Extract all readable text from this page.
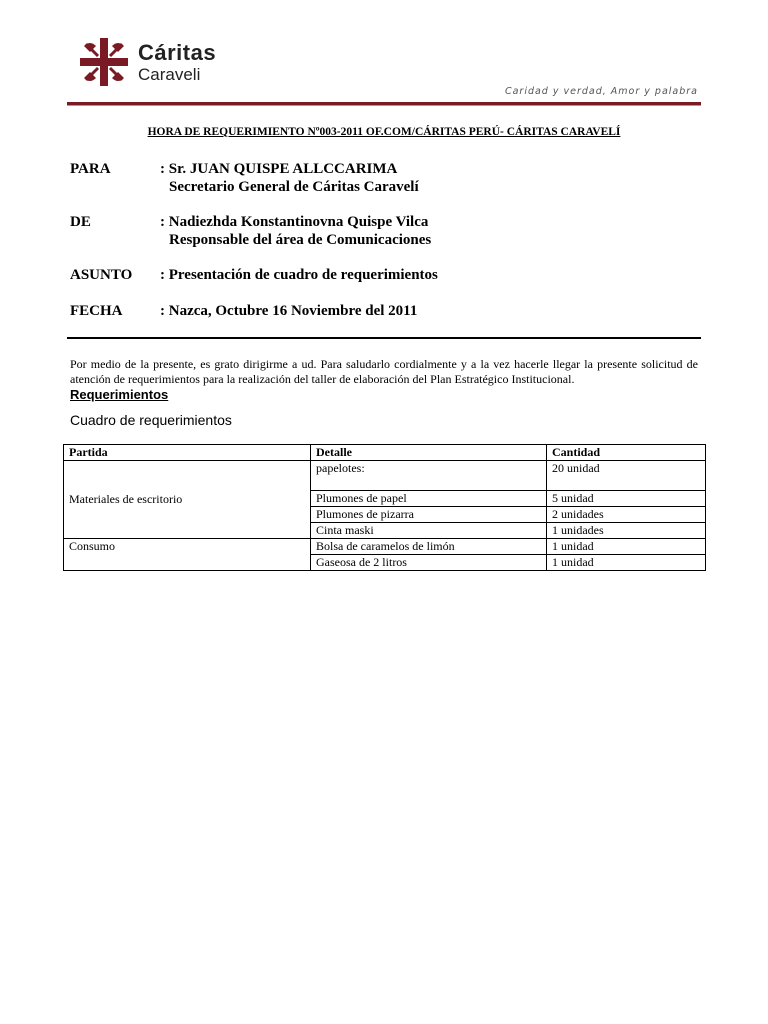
Cáritas
Caraveli
Caridad y verdad, Amor y palabra
HORA DE REQUERIMIENTO Nº003-2011 OF.COM/CÁRITAS PERÚ- CÁRITAS CARAVELÍ
PARA	: Sr. JUAN QUISPE ALLCCARIMA
Secretario General de Cáritas Caravelí
DE	: Nadiezhda Konstantinovna Quispe Vilca
Responsable del área de Comunicaciones
ASUNTO : Presentación de cuadro de requerimientos
FECHA	: Nazca, Octubre 16 Noviembre del 2011
Por medio de la presente, es grato dirigirme a ud. Para saludarlo cordialmente y a la vez hacerle llegar la presente solicitud de atención de requerimientos para la realización del taller de elaboración del Plan Estratégico Institucional.
Requerimientos
Cuadro de requerimientos
Partida	Detalle	Cantidad
Materiales de escritorio	papelotes:	20 unidad
	Plumones de papel	5 unidad
	Plumones de pizarra	2 unidades
	Cinta maski	1 unidades
Consumo	Bolsa de caramelos de limón	1 unidad
	Gaseosa de 2 litros	1 unidad
